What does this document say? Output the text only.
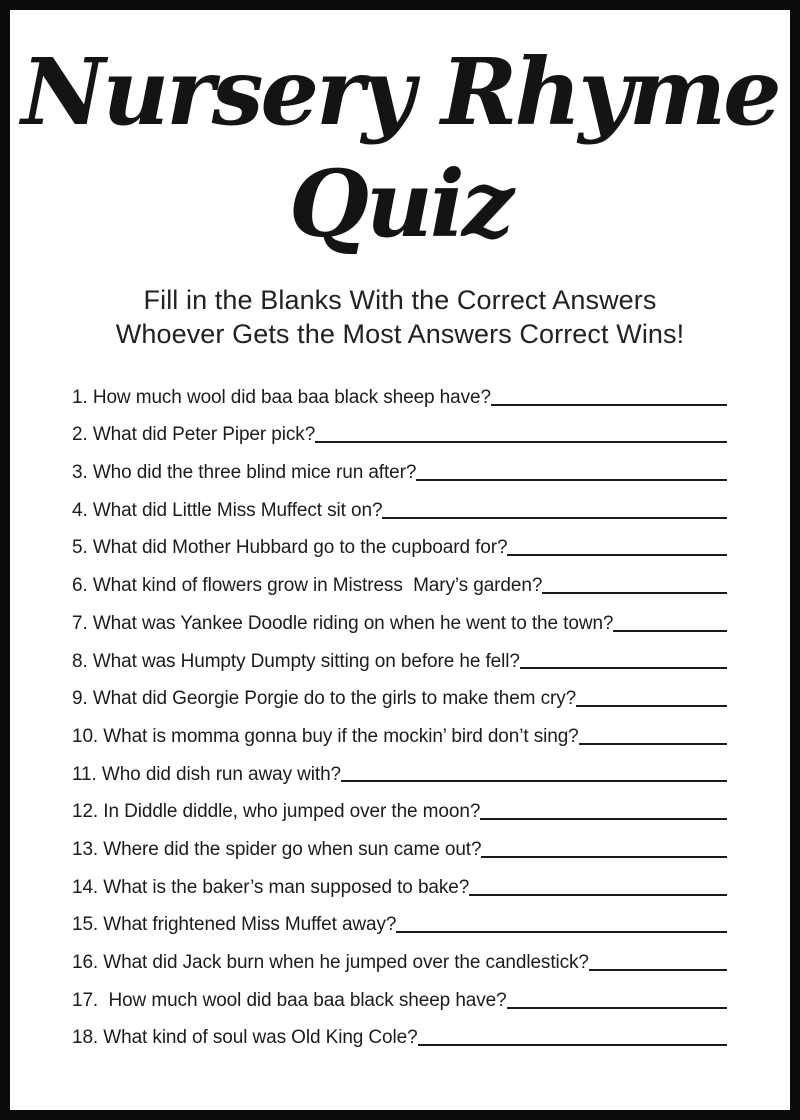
Nursery Rhyme
Quiz
Fill in the Blanks With the Correct Answers
Whoever Gets the Most Answers Correct Wins!
1. How much wool did baa baa black sheep have?
2. What did Peter Piper pick?
3. Who did the three blind mice run after?
4. What did Little Miss Muffect sit on?
5. What did Mother Hubbard go to the cupboard for?
6. What kind of flowers grow in Mistress  Mary’s garden?
7. What was Yankee Doodle riding on when he went to the town?
8. What was Humpty Dumpty sitting on before he fell?
9. What did Georgie Porgie do to the girls to make them cry?
10. What is momma gonna buy if the mockin’ bird don’t sing?
11. Who did dish run away with?
12. In Diddle diddle, who jumped over the moon?
13. Where did the spider go when sun came out?
14. What is the baker’s man supposed to bake?
15. What frightened Miss Muffet away?
16. What did Jack burn when he jumped over the candlestick?
17.  How much wool did baa baa black sheep have?
18. What kind of soul was Old King Cole?
